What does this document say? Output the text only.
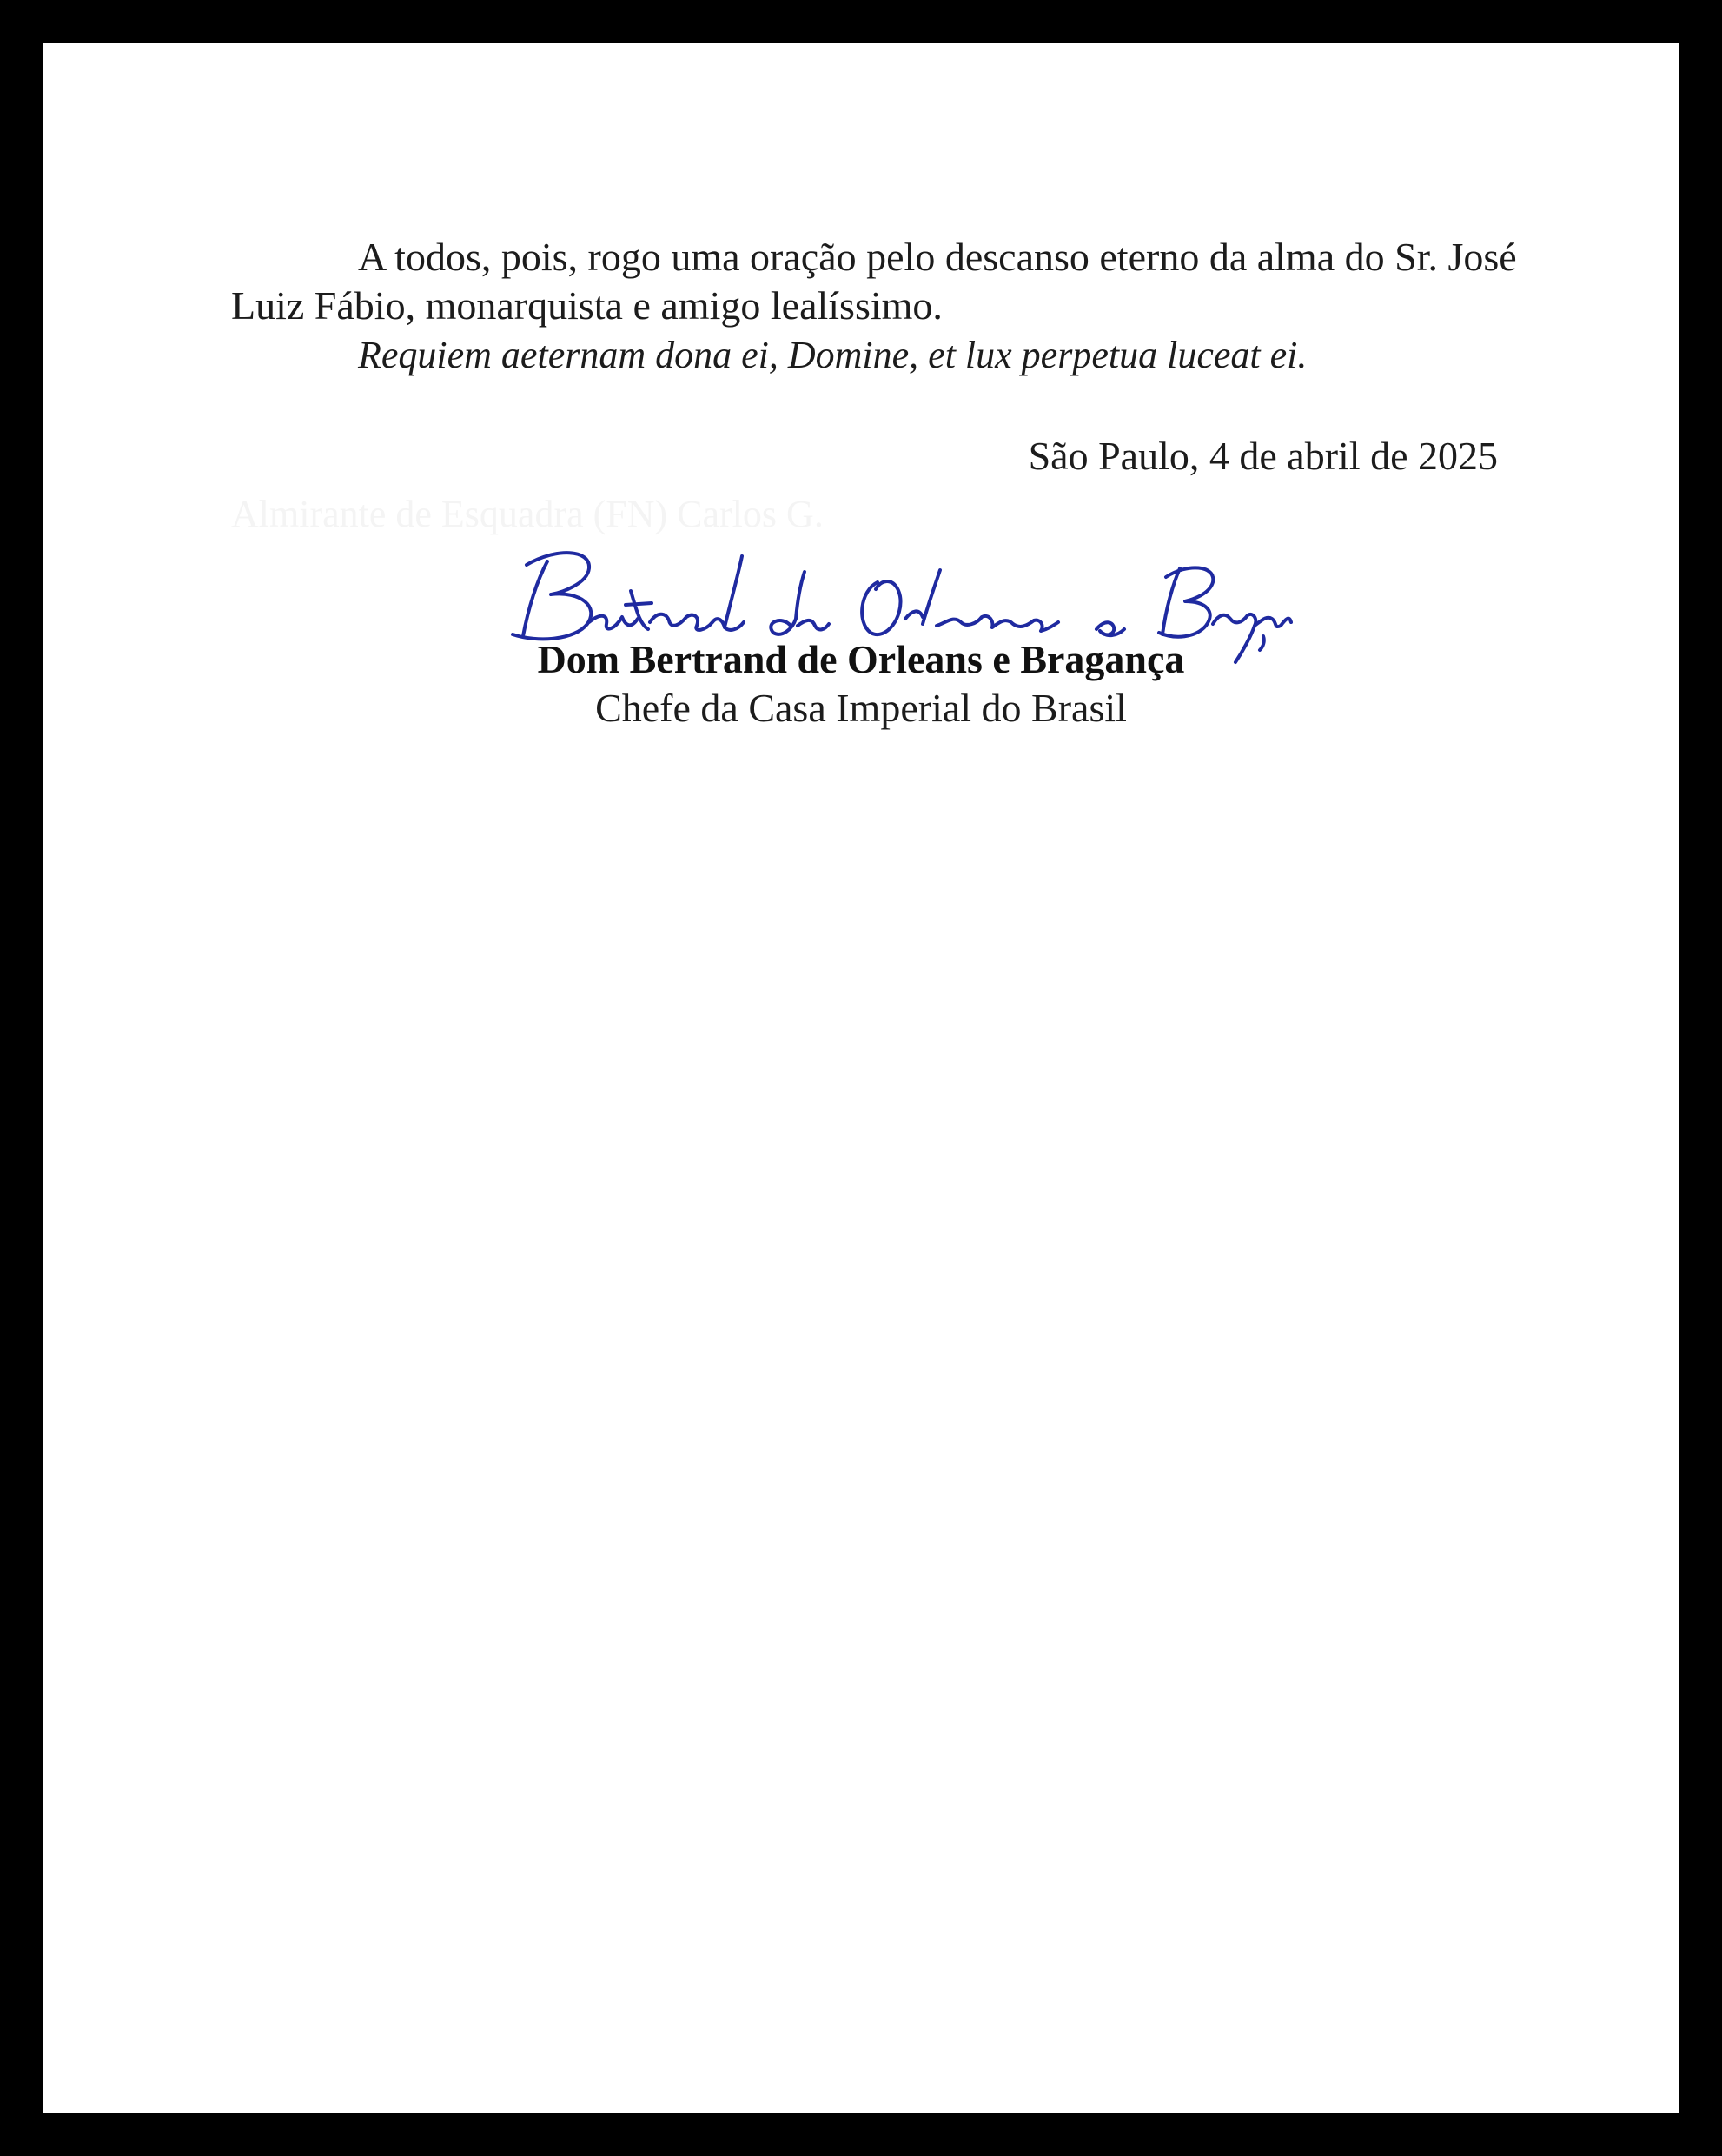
A todos, pois, rogo uma oração pelo descanso eterno da alma do Sr. José Luiz Fábio, monarquista e amigo lealíssimo.

Requiem aeternam dona ei, Domine, et lux perpetua luceat ei.

São Paulo, 4 de abril de 2025

Almirante de Esquadra (FN) Carlos G.

Dom Bertrand de Orleans e Bragança

Chefe da Casa Imperial do Brasil
